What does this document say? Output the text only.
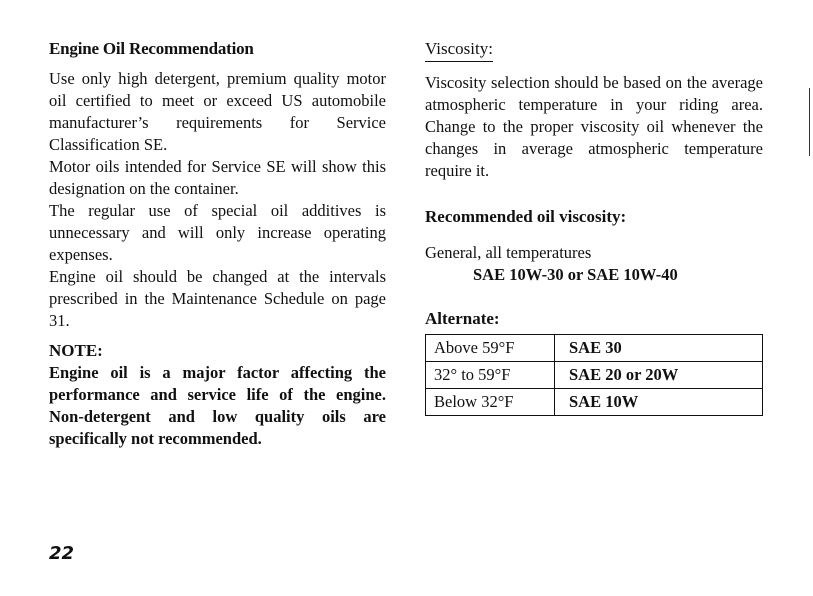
Engine Oil Recommendation

Use only high detergent, premium quality motor oil certified to meet or exceed US automobile manufacturer’s requirements for Service Classification SE.

Motor oils intended for Service SE will show this designation on the container.

The regular use of special oil additives is unnecessary and will only increase operating expenses.

Engine oil should be changed at the intervals prescribed in the Maintenance Schedule on page 31.

NOTE:

Engine oil is a major factor affecting the performance and service life of the engine. Non-detergent and low quality oils are specifically not recommended.

Viscosity:

Viscosity selection should be based on the average atmospheric temperature in your riding area. Change to the proper viscosity oil whenever the changes in average atmospheric temperature require it.

Recommended oil viscosity:

General, all temperatures

SAE 10W-30 or SAE 10W-40

Alternate:
Above 59°F	SAE 30
32° to 59°F	SAE 20 or 20W
Below 32°F	SAE 10W
22
